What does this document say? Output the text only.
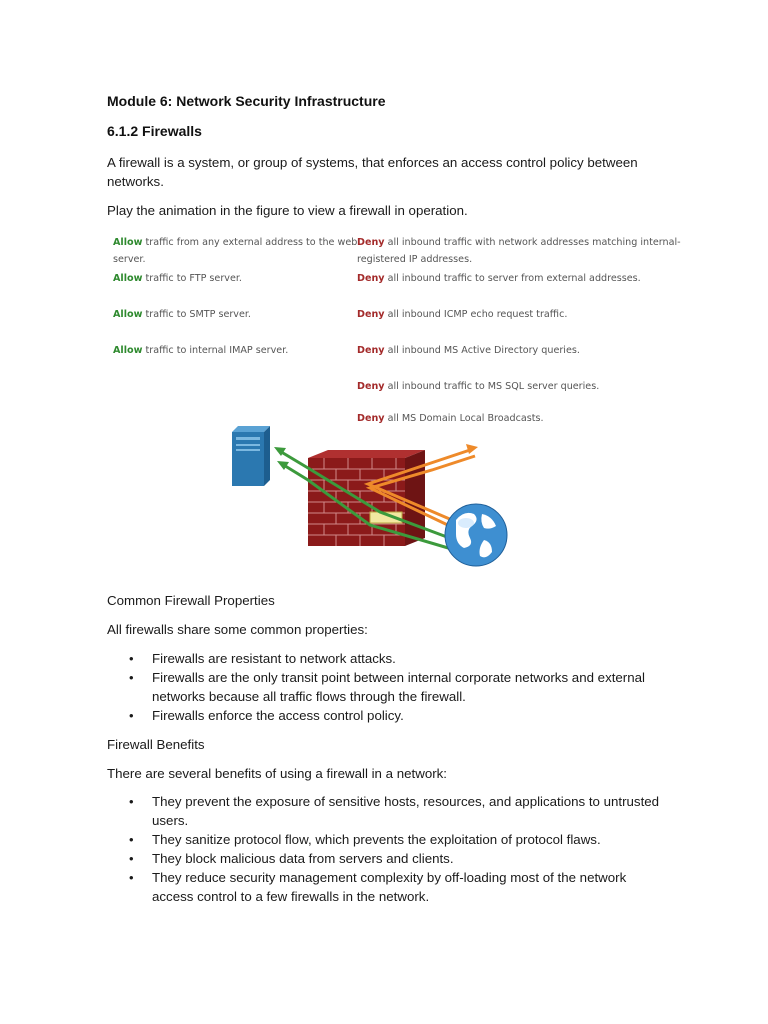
Module 6: Network Security Infrastructure
6.1.2 Firewalls
A firewall is a system, or group of systems, that enforces an access control policy between networks.
Play the animation in the figure to view a firewall in operation.
Allow traffic from any external address to the web
server.
Allow traffic to FTP server.
Allow traffic to SMTP server.
Allow traffic to internal IMAP server.
Deny all inbound traffic with network addresses matching internal-
registered IP addresses.
Deny all inbound traffic to server from external addresses.
Deny all inbound ICMP echo request traffic.
Deny all inbound MS Active Directory queries.
Deny all inbound traffic to MS SQL server queries.
Deny all MS Domain Local Broadcasts.
Common Firewall Properties
All firewalls share some common properties:
• Firewalls are resistant to network attacks.
• Firewalls are the only transit point between internal corporate networks and external networks because all traffic flows through the firewall.
• Firewalls enforce the access control policy.
Firewall Benefits
There are several benefits of using a firewall in a network:
• They prevent the exposure of sensitive hosts, resources, and applications to untrusted users.
• They sanitize protocol flow, which prevents the exploitation of protocol flaws.
• They block malicious data from servers and clients.
• They reduce security management complexity by off-loading most of the network access control to a few firewalls in the network.
